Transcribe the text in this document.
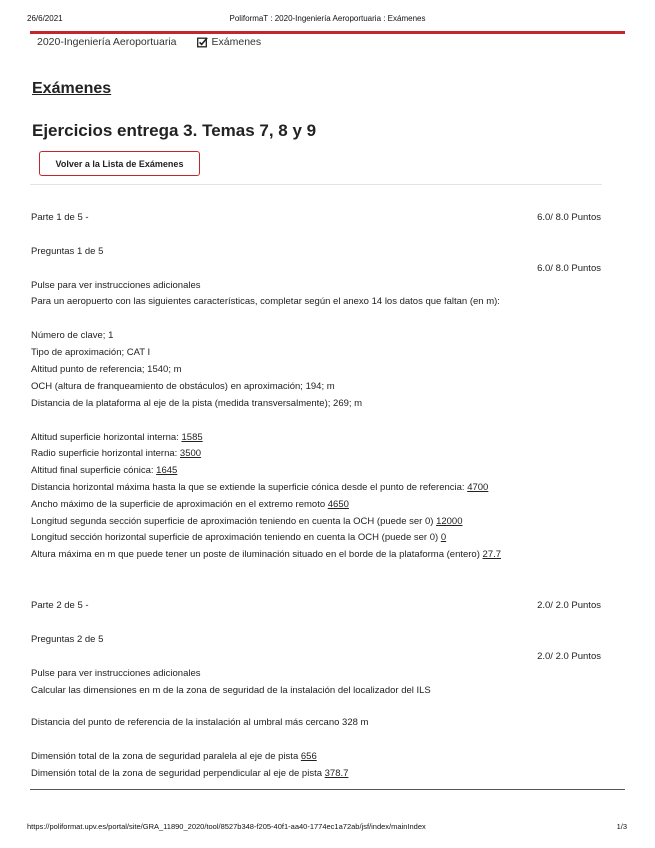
26/6/2021	PoliformaT : 2020-Ingeniería Aeroportuaria : Exámenes
2020-Ingeniería Aeroportuaria	Exámenes
Exámenes
Ejercicios entrega 3. Temas 7, 8 y 9
Volver a la Lista de Exámenes
Parte 1 de 5 -	6.0/ 8.0 Puntos
Preguntas 1 de 5
6.0/ 8.0 Puntos
Pulse para ver instrucciones adicionales
Para un aeropuerto con las siguientes características, completar según el anexo 14 los datos que faltan (en m):
Número de clave; 1
Tipo de aproximación; CAT I
Altitud punto de referencia; 1540; m
OCH (altura de franqueamiento de obstáculos) en aproximación; 194; m
Distancia de la plataforma al eje de la pista (medida transversalmente); 269; m
Altitud superficie horizontal interna: 1585
Radio superficie horizontal interna: 3500
Altitud final superficie cónica: 1645
Distancia horizontal máxima hasta la que se extiende la superficie cónica desde el punto de referencia: 4700
Ancho máximo de la superficie de aproximación en el extremo remoto 4650
Longitud segunda sección superficie de aproximación teniendo en cuenta la OCH (puede ser 0) 12000
Longitud sección horizontal superficie de aproximación teniendo en cuenta la OCH (puede ser 0) 0
Altura máxima en m que puede tener un poste de iluminación situado en el borde de la plataforma (entero) 27.7
Parte 2 de 5 -	2.0/ 2.0 Puntos
Preguntas 2 de 5
2.0/ 2.0 Puntos
Pulse para ver instrucciones adicionales
Calcular las dimensiones en m de la zona de seguridad de la instalación del localizador del ILS
Distancia del punto de referencia de la instalación al umbral más cercano 328 m
Dimensión total de la zona de seguridad paralela al eje de pista 656
Dimensión total de la zona de seguridad perpendicular al eje de pista 378.7
https://poliformat.upv.es/portal/site/GRA_11890_2020/tool/8527b348-f205-40f1-aa40-1774ec1a72ab/jsf/index/mainIndex	1/3
